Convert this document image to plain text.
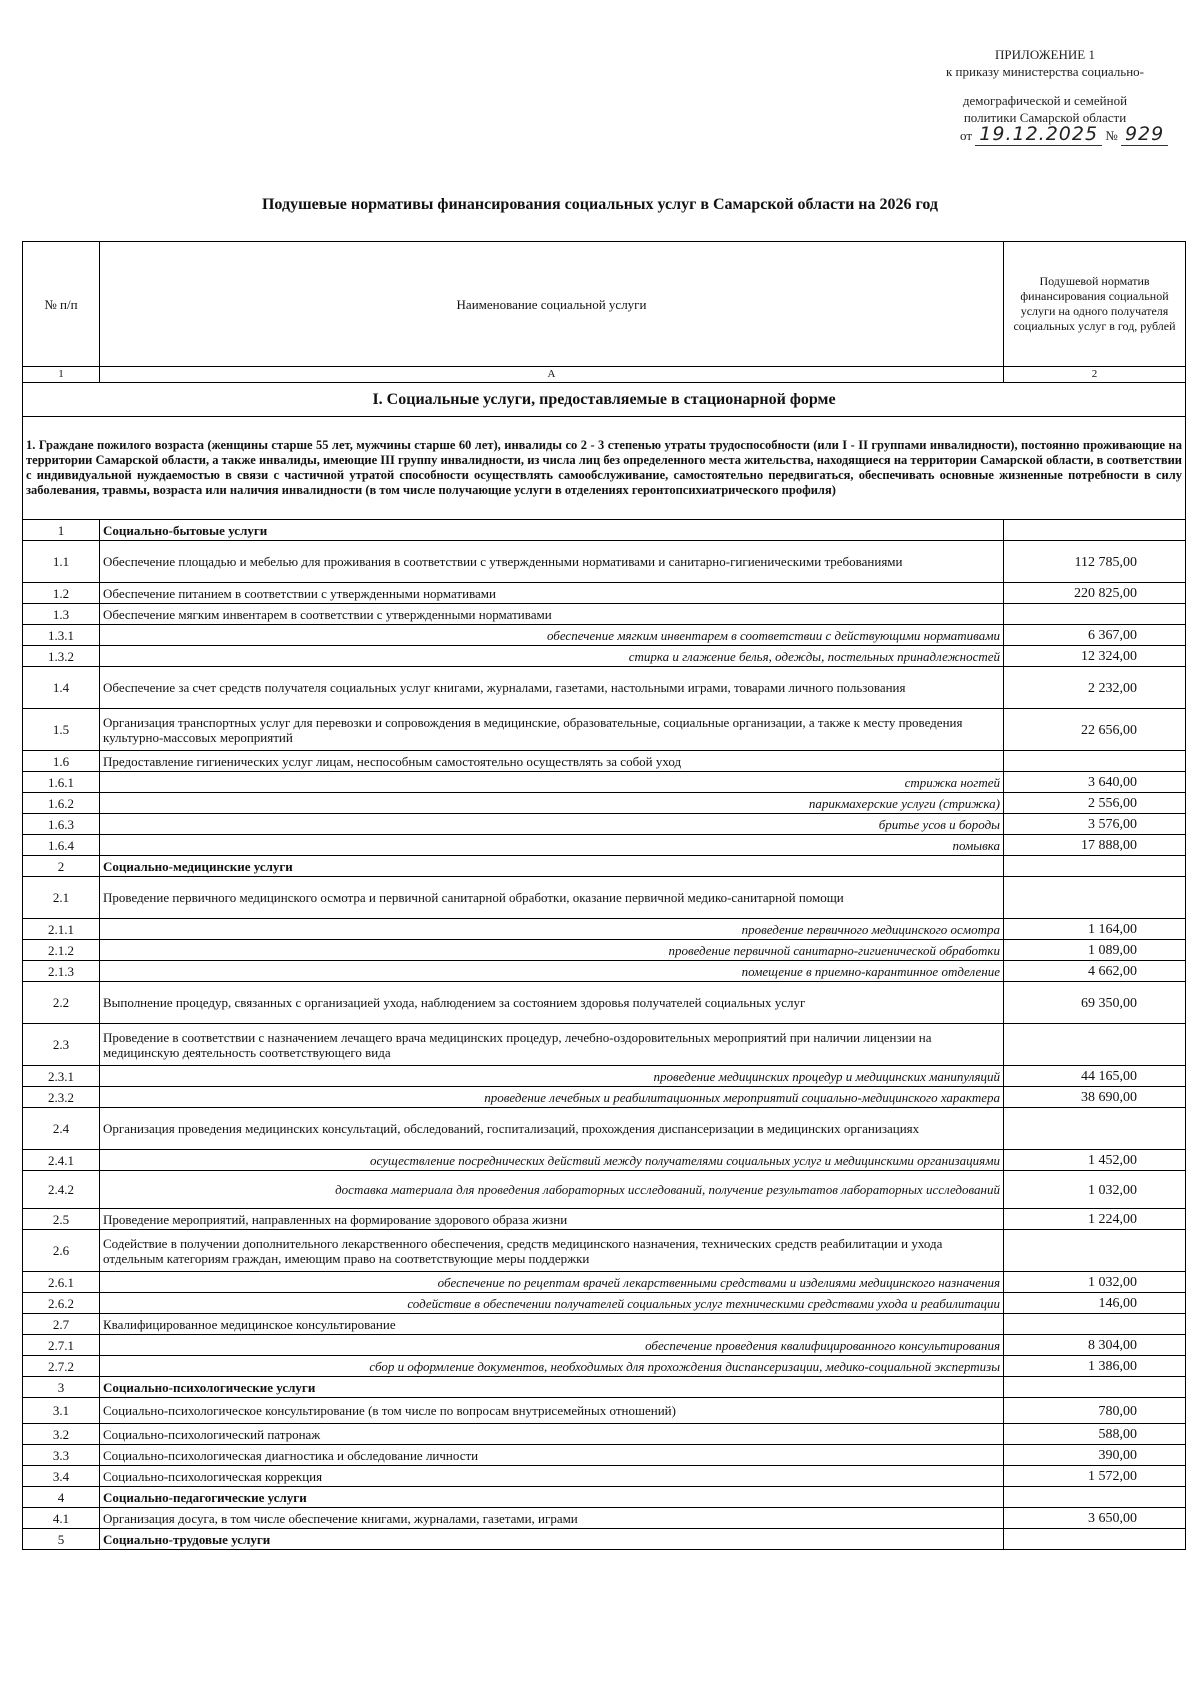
ПРИЛОЖЕНИЕ 1
к приказу министерства социально-
демографической и семейной
политики Самарской области
от 19.12.2025 № 929
Подушевые нормативы финансирования социальных услуг в Самарской области на 2026 год
№ п/п	Наименование социальной услуги	Подушевой норматив финансирования социальной услуги на одного получателя социальных услуг в год, рублей
1	А	2
I. Социальные услуги, предоставляемые в стационарной форме		
1. Граждане пожилого возраста (женщины старше 55 лет, мужчины старше 60 лет), инвалиды со 2 - 3 степенью утраты трудоспособности (или I - II группами инвалидности), постоянно проживающие на территории Самарской области, а также инвалиды, имеющие III группу инвалидности, из числа лиц без определенного места жительства, находящиеся на территории Самарской области, в соответствии с индивидуальной нуждаемостью в связи с частичной утратой способности осуществлять самообслуживание, самостоятельно передвигаться, обеспечивать основные жизненные потребности в силу заболевания, травмы, возраста или наличия инвалидности (в том числе получающие услуги в отделениях геронтопсихиатрического профиля)		
1	Социально-бытовые услуги	
1.1	Обеспечение площадью и мебелью для проживания в соответствии с утвержденными нормативами и санитарно-гигиеническими требованиями	112 785,00
1.2	Обеспечение питанием в соответствии с утвержденными нормативами	220 825,00
1.3	Обеспечение мягким инвентарем в соответствии с утвержденными нормативами	
1.3.1	обеспечение мягким инвентарем в соответствии с действующими нормативами	6 367,00
1.3.2	стирка и глажение белья, одежды, постельных принадлежностей	12 324,00
1.4	Обеспечение за счет средств получателя социальных услуг книгами, журналами, газетами, настольными играми, товарами личного пользования	2 232,00
1.5	Организация транспортных услуг для перевозки и сопровождения в медицинские, образовательные, социальные организации, а также к месту проведения культурно-массовых мероприятий	22 656,00
1.6	Предоставление гигиенических услуг лицам, неспособным самостоятельно осуществлять за собой уход	
1.6.1	стрижка ногтей	3 640,00
1.6.2	парикмахерские услуги (стрижка)	2 556,00
1.6.3	бритье усов и бороды	3 576,00
1.6.4	помывка	17 888,00
2	Социально-медицинские услуги	
2.1	Проведение первичного медицинского осмотра и первичной санитарной обработки, оказание первичной медико-санитарной помощи	
2.1.1	проведение первичного медицинского осмотра	1 164,00
2.1.2	проведение первичной санитарно-гигиенической обработки	1 089,00
2.1.3	помещение в приемно-карантинное отделение	4 662,00
2.2	Выполнение процедур, связанных с организацией ухода, наблюдением за состоянием здоровья получателей социальных услуг	69 350,00
2.3	Проведение в соответствии с назначением лечащего врача медицинских процедур, лечебно-оздоровительных мероприятий при наличии лицензии на медицинскую деятельность соответствующего вида	
2.3.1	проведение медицинских процедур и медицинских манипуляций	44 165,00
2.3.2	проведение лечебных и реабилитационных мероприятий социально-медицинского характера	38 690,00
2.4	Организация проведения медицинских консультаций, обследований, госпитализаций, прохождения диспансеризации в медицинских организациях	
2.4.1	осуществление посреднических действий между получателями социальных услуг и медицинскими организациями	1 452,00
2.4.2	доставка материала для проведения лабораторных исследований, получение результатов лабораторных исследований	1 032,00
2.5	Проведение мероприятий, направленных на формирование здорового образа жизни	1 224,00
2.6	Содействие в получении дополнительного лекарственного обеспечения, средств медицинского назначения, технических средств реабилитации и ухода отдельным категориям граждан, имеющим право на соответствующие меры поддержки	
2.6.1	обеспечение по рецептам врачей лекарственными средствами и изделиями медицинского назначения	1 032,00
2.6.2	содействие в обеспечении получателей социальных услуг техническими средствами ухода и реабилитации	146,00
2.7	Квалифицированное медицинское консультирование	
2.7.1	обеспечение проведения квалифицированного консультирования	8 304,00
2.7.2	сбор и оформление документов, необходимых для прохождения диспансеризации, медико-социальной экспертизы	1 386,00
3	Социально-психологические услуги	
3.1	Социально-психологическое консультирование (в том числе по вопросам внутрисемейных отношений)	780,00
3.2	Социально-психологический патронаж	588,00
3.3	Социально-психологическая диагностика и обследование личности	390,00
3.4	Социально-психологическая коррекция	1 572,00
4	Социально-педагогические услуги	
4.1	Организация досуга, в том числе обеспечение книгами, журналами, газетами, играми	3 650,00
5	Социально-трудовые услуги	
